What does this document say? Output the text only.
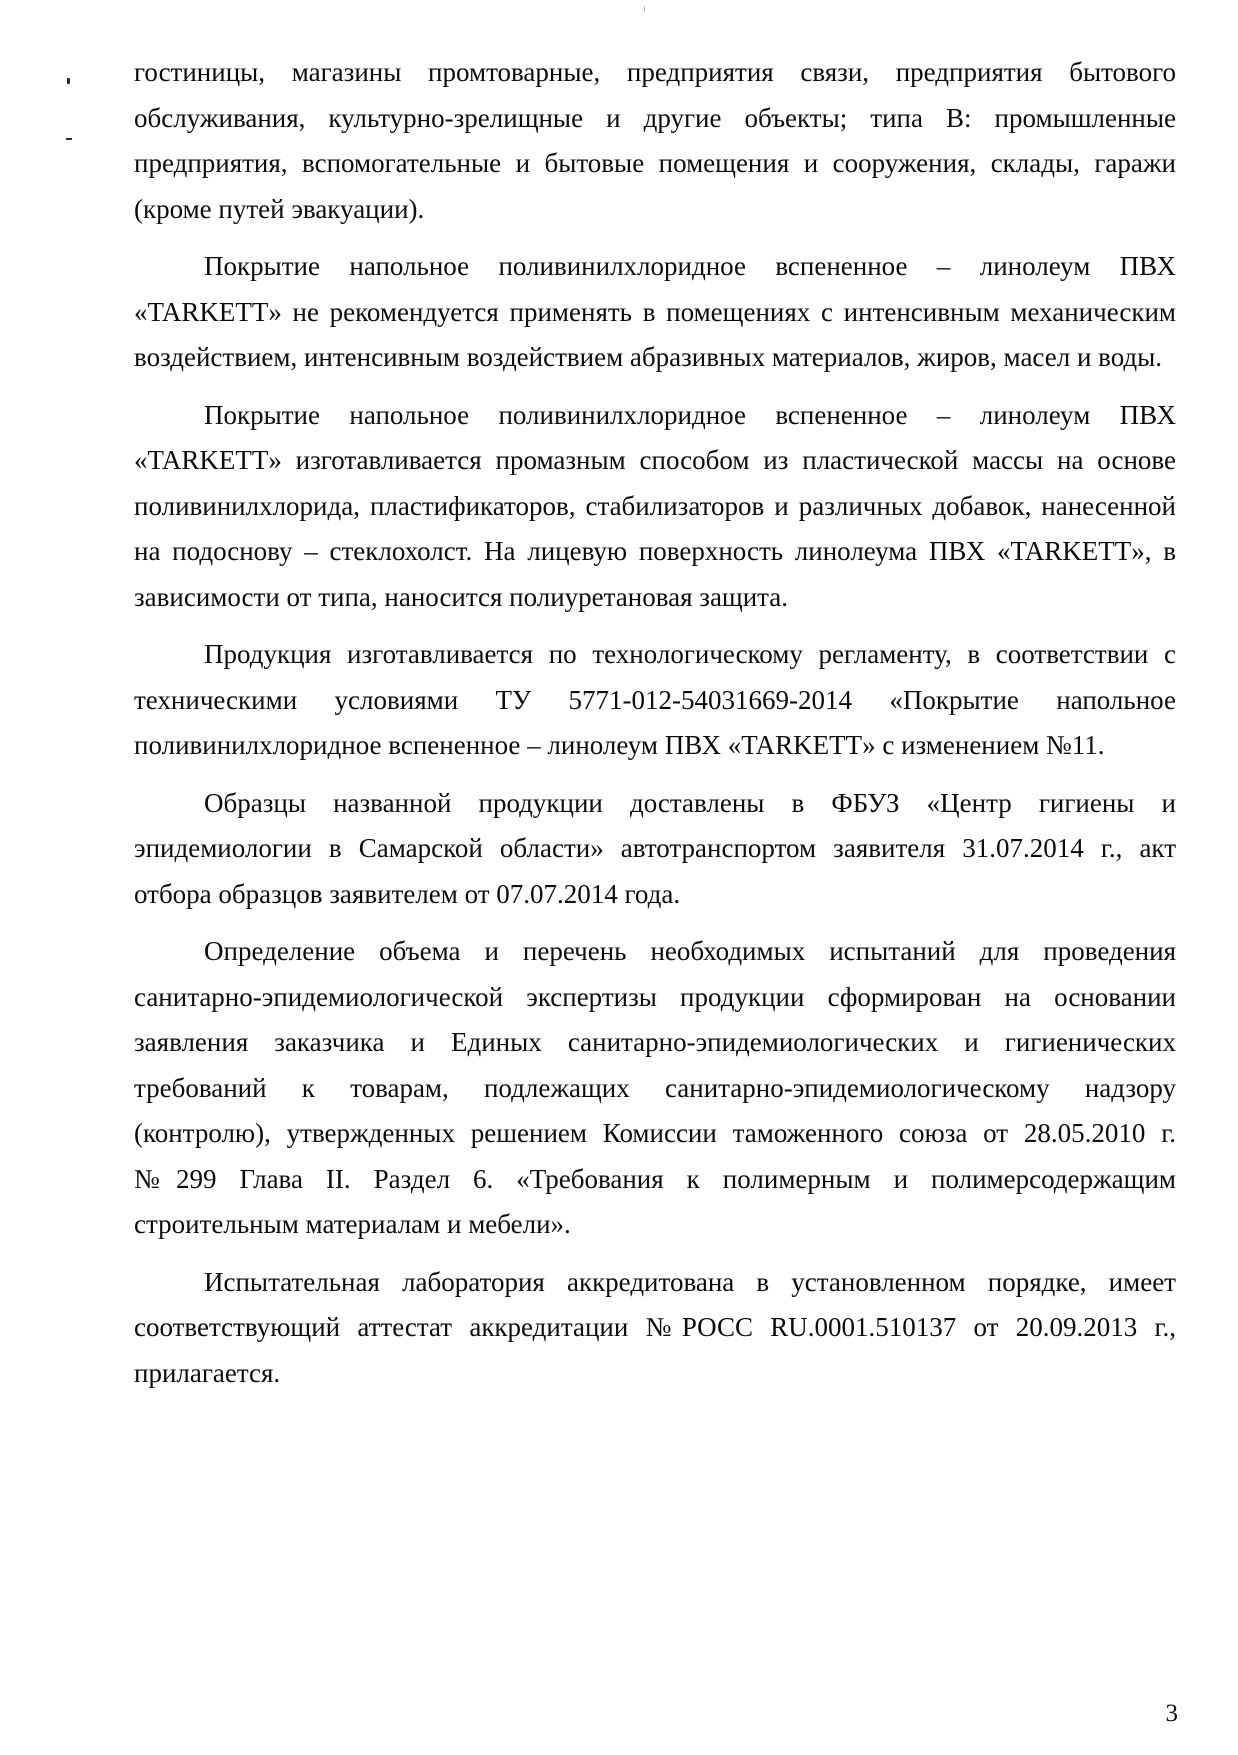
гостиницы, магазины промтоварные, предприятия связи, предприятия бытового обслуживания, культурно-зрелищные и другие объекты; типа В: промышленные предприятия, вспомогательные и бытовые помещения и сооружения, склады, гаражи (кроме путей эвакуации).

Покрытие напольное поливинилхлоридное вспененное – линолеум ПВХ «TARKETT» не рекомендуется применять в помещениях с интенсивным механическим воздействием, интенсивным воздействием абразивных материалов, жиров, масел и воды.

Покрытие напольное поливинилхлоридное вспененное – линолеум ПВХ «TARKETT» изготавливается промазным способом из пластической массы на основе поливинилхлорида, пластификаторов, стабилизаторов и различных добавок, нанесенной на подоснову – стеклохолст. На лицевую поверхность линолеума ПВХ «TARKETT», в зависимости от типа, наносится полиуретановая защита.

Продукция изготавливается по технологическому регламенту, в соответствии с техническими условиями ТУ 5771-012-54031669-2014 «Покрытие напольное поливинилхлоридное вспененное – линолеум ПВХ «TARKETT» с изменением №11.

Образцы названной продукции доставлены в ФБУЗ «Центр гигиены и эпидемиологии в Самарской области» автотранспортом заявителя 31.07.2014 г., акт отбора образцов заявителем от 07.07.2014 года.

Определение объема и перечень необходимых испытаний для проведения санитарно-эпидемиологической экспертизы продукции сформирован на основании заявления заказчика и Единых санитарно-эпидемиологических и гигиенических требований к товарам, подлежащих санитарно-эпидемиологическому надзору (контролю), утвержденных решением Комиссии таможенного союза от 28.05.2010 г. №299 Глава II. Раздел 6. «Требования к полимерным и полимерсодержащим строительным материалам и мебели».

Испытательная лаборатория аккредитована в установленном порядке, имеет соответствующий аттестат аккредитации №РОСС RU.0001.510137 от 20.09.2013 г., прилагается.

3
